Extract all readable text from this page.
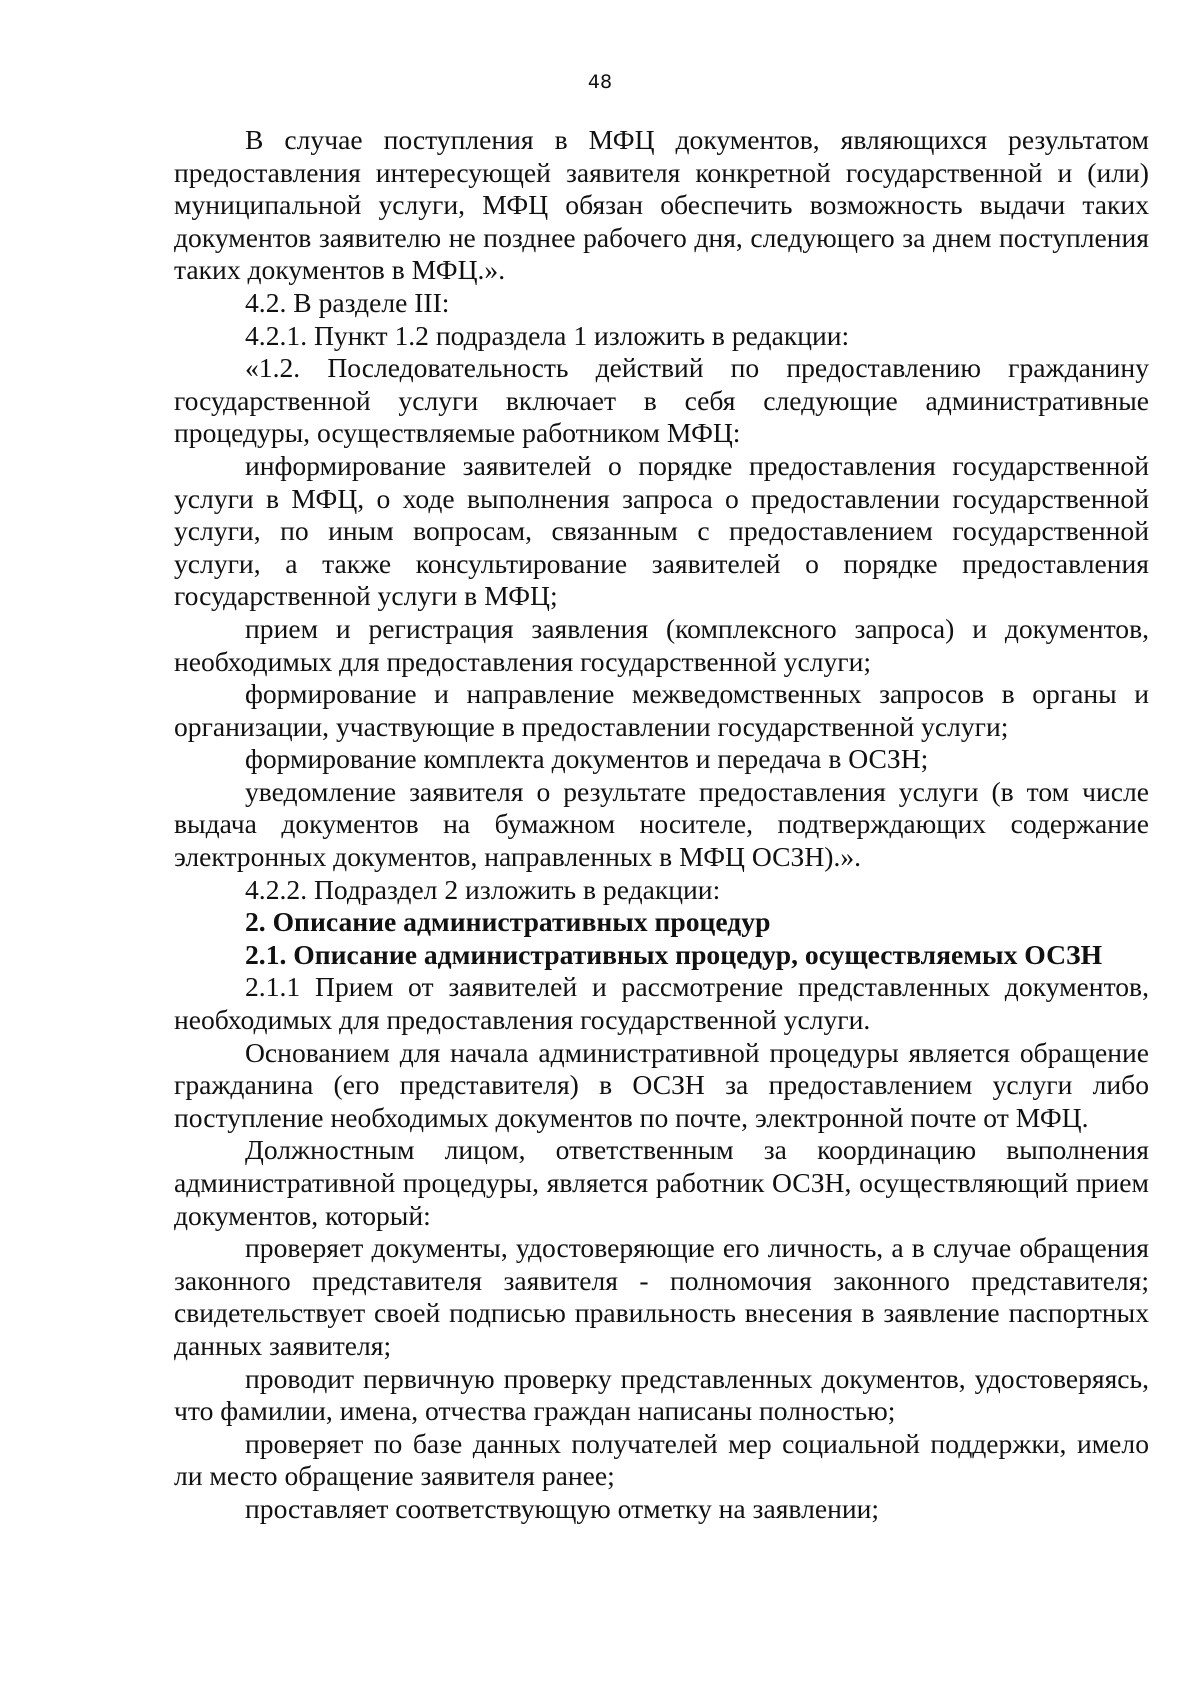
48

В случае поступления в МФЦ документов, являющихся результатом предоставления интересующей заявителя конкретной государственной и (или) муниципальной услуги, МФЦ обязан обеспечить возможность выдачи таких документов заявителю не позднее рабочего дня, следующего за днем поступления таких документов в МФЦ.».

4.2. В разделе III:

4.2.1. Пункт 1.2 подраздела 1 изложить в редакции:

«1.2. Последовательность действий по предоставлению гражданину государственной услуги включает в себя следующие административные процедуры, осуществляемые работником МФЦ:

информирование заявителей о порядке предоставления государственной услуги в МФЦ, о ходе выполнения запроса о предоставлении государственной услуги, по иным вопросам, связанным с предоставлением государственной услуги, а также консультирование заявителей о порядке предоставления государственной услуги в МФЦ;

прием и регистрация заявления (комплексного запроса) и документов, необходимых для предоставления государственной услуги;

формирование и направление межведомственных запросов в органы и организации, участвующие в предоставлении государственной услуги;

формирование комплекта документов и передача в ОСЗН;

уведомление заявителя о результате предоставления услуги (в том числе выдача документов на бумажном носителе, подтверждающих содержание электронных документов, направленных в МФЦ ОСЗН).».

4.2.2. Подраздел 2 изложить в редакции:

2. Описание административных процедур

2.1. Описание административных процедур, осуществляемых ОСЗН

2.1.1 Прием от заявителей и рассмотрение представленных документов, необходимых для предоставления государственной услуги.

Основанием для начала административной процедуры является обращение гражданина (его представителя) в ОСЗН за предоставлением услуги либо поступление необходимых документов по почте, электронной почте от МФЦ.

Должностным лицом, ответственным за координацию выполнения административной процедуры, является работник ОСЗН, осуществляющий прием документов, который:

проверяет документы, удостоверяющие его личность, а в случае обращения законного представителя заявителя - полномочия законного представителя; свидетельствует своей подписью правильность внесения в заявление паспортных данных заявителя;

проводит первичную проверку представленных документов, удостоверяясь, что фамилии, имена, отчества граждан написаны полностью;

проверяет по базе данных получателей мер социальной поддержки, имело ли место обращение заявителя ранее;

проставляет соответствующую отметку на заявлении;
